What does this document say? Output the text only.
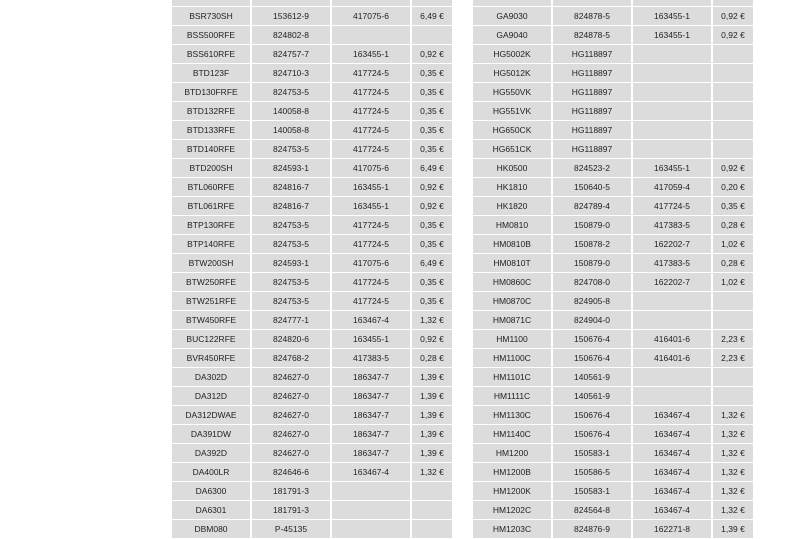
BSR730SH	153612-9	417075-6	6,49 €
BSS500RFE	824802-8
BSS610RFE	824757-7	163455-1	0,92 €
BTD123F	824710-3	417724-5	0,35 €
BTD130FRFE	824753-5	417724-5	0,35 €
BTD132RFE	140058-8	417724-5	0,35 €
BTD133RFE	140058-8	417724-5	0,35 €
BTD140RFE	824753-5	417724-5	0,35 €
BTD200SH	824593-1	417075-6	6,49 €
BTL060RFE	824816-7	163455-1	0,92 €
BTL061RFE	824816-7	163455-1	0,92 €
BTP130RFE	824753-5	417724-5	0,35 €
BTP140RFE	824753-5	417724-5	0,35 €
BTW200SH	824593-1	417075-6	6,49 €
BTW250RFE	824753-5	417724-5	0,35 €
BTW251RFE	824753-5	417724-5	0,35 €
BTW450RFE	824777-1	163467-4	1,32 €
BUC122RFE	824820-6	163455-1	0,92 €
BVR450RFE	824768-2	417383-5	0,28 €
DA302D	824627-0	186347-7	1,39 €
DA312D	824627-0	186347-7	1,39 €
DA312DWAE	824627-0	186347-7	1,39 €
DA391DW	824627-0	186347-7	1,39 €
DA392D	824627-0	186347-7	1,39 €
DA400LR	824646-6	163467-4	1,32 €
DA6300	181791-3
DA6301	181791-3
DBM080	P-45135
GA9030	824878-5	163455-1	0,92 €
GA9040	824878-5	163455-1	0,92 €
HG5002K	HG118897
HG5012K	HG118897
HG550VK	HG118897
HG551VK	HG118897
HG650CK	HG118897
HG651CK	HG118897
HK0500	824523-2	163455-1	0,92 €
HK1810	150640-5	417059-4	0,20 €
HK1820	824789-4	417724-5	0,35 €
HM0810	150879-0	417383-5	0,28 €
HM0810B	150878-2	162202-7	1,02 €
HM0810T	150879-0	417383-5	0,28 €
HM0860C	824708-0	162202-7	1,02 €
HM0870C	824905-8
HM0871C	824904-0
HM1100	150676-4	416401-6	2,23 €
HM1100C	150676-4	416401-6	2,23 €
HM1101C	140561-9
HM1111C	140561-9
HM1130C	150676-4	163467-4	1,32 €
HM1140C	150676-4	163467-4	1,32 €
HM1200	150583-1	163467-4	1,32 €
HM1200B	150586-5	163467-4	1,32 €
HM1200K	150583-1	163467-4	1,32 €
HM1202C	824564-8	163467-4	1,32 €
HM1203C	824876-9	162271-8	1,39 €
